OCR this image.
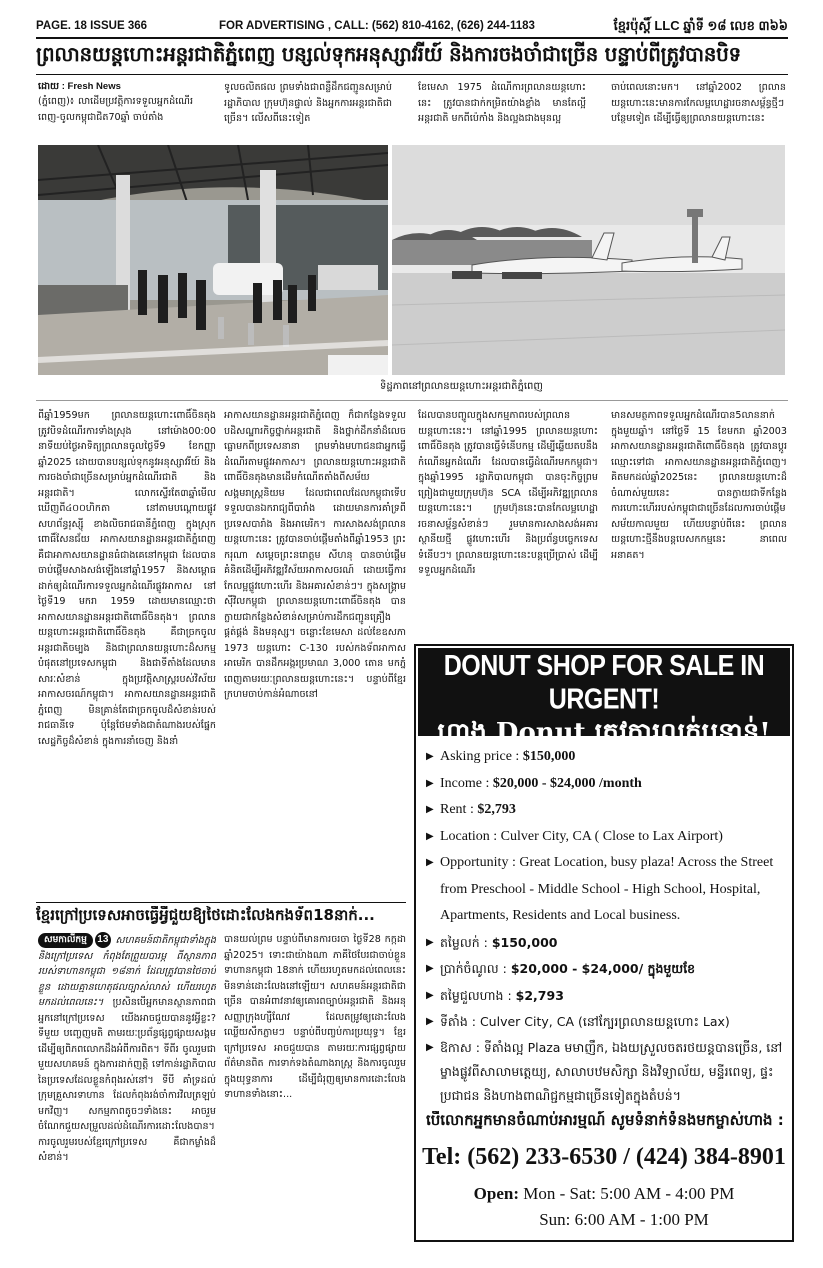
PAGE. 18 ISSUE 366	FOR ADVERTISING , CALL: (562) 810-4162, (626) 244-1183	ខ្មែរប៉ុស្ដិ៍ LLC ឆ្នាំទី ១៨ លេខ ៣៦៦
ព្រលានយន្តហោះអន្តរជាតិភ្នំពេញ បន្សល់ទុកអនុស្សាវរីយ៍ និងការចងចាំជាច្រើន បន្ទាប់ពីត្រូវបានបិទ
ដោយ : Fresh News
(ភ្នំពេញ)៖ លាដើមប្រវត្តិការទទួលអ្នកដំណើរពេញ-ចូលកម្ពុជាជិត70ឆ្នាំ ចាប់តាំង
ទូលចលិតផល ព្រមទាំងជាពន្លឺដឹកជញ្ជូនសម្រាប់រដ្ឋាភិបាល ក្រុមហ៊ុនផ្ទាល់ និងអ្នកការអន្តរជាតិជាច្រើន។ លើសពីនេះទៀត
ខែមេសា 1975 ដំណើការព្រលានយន្តហោះនេះ ត្រូវបានជាក់កម្រិតយ៉ាងខ្លាំង មានតែល្អីអន្តរជាតិ មកពីប៉េកាំង និងល្អងជាងមុនល្អ
ចាប់ពេលនោះមក។ នៅឆ្នាំ2002 ព្រលានយន្តហោះនេះមានការកែលម្អហេដ្ឋារចនាសម្ព័ន្ធថ្មីៗបន្ថែមទៀត ដើម្បីធ្វើឲ្យព្រលានយន្តហោះនេះ
ទិដ្ឋភាពនៅព្រលានយន្តហោះអន្តរជាតិភ្នំពេញ
ពីឆ្នាំ1959មក ព្រលានយន្តហោះពោធិ៍ចិនតុងត្រូវបិទដំណើរការទាំងស្រុង នៅម៉ោង00:00 នាទីយប់ថ្ងៃអាទិត្យព្រលានចូលថ្ងៃទី9 ខែកញ្ញា ឆ្នាំ2025 ដោយបានបន្សល់ទុកនូវអនុស្សាវរីយ៍ និងការចងចាំជាច្រើនសម្រាប់អ្នកដំណើរជាតិ និងអន្តរជាតិ។ លោកស្ទើរតែ៣ឆ្នាំមើលឃើញពី៤០០ហិកតា នៅតាមបណ្ដោយផ្លូវសហព័ន្ធរុស្ស៊ី ខាងលិចរាជធានីភ្នំពេញ ក្នុងស្រុកពោធិ៍សែនជ័យ អាកាសយានដ្ឋានអន្តរជាតិភ្នំពេញ គឺជាអាកាសយានដ្ឋានធំជាងគេនៅកម្ពុជា ដែលបានចាប់ផ្ដើមសាងសង់ឡើងនៅឆ្នាំ1957 និងសម្ពោធដាក់ឲ្យដំណើរការទទួលអ្នកដំណើរផ្លូវអាកាស នៅថ្ងៃទី19 មករា 1959 ដោយមានឈ្មោះថា អាកាសយានដ្ឋានអន្តរជាតិពោធិ៍ចិនតុង។ ព្រលានយន្តហោះអន្តរជាតិពោធិ៍ចិនតុង គឺជាច្រកចូលអន្តរជាតិចម្បង និងជាព្រលានយន្តហោះដ៏សកម្មបំផុតនៅប្រទេសកម្ពុជា និងជាទីតាំងដែលមានសារៈសំខាន់ ក្នុងប្រវត្តិសាស្ត្ររបស់វិស័យអាកាសចរណ៍កម្ពុជា។ អាកាសយានដ្ឋានអន្តរជាតិភ្នំពេញ មិនគ្រាន់តែជាច្រកចូលដ៏សំខាន់របស់រាជធានីទេ ប៉ុន្តែថែមទាំងជាតំណាងរបស់ផ្នែកសេដ្ឋកិច្ចដ៏សំខាន់ ក្នុងការនាំចេញ និងនាំ
អាកាសយានដ្ឋានអន្តរជាតិភ្នំពេញ ក៏ជាកន្លែងទទួលបដិសណ្ឋារកិច្ចថ្នាក់អន្តរជាតិ និងថ្នាក់ដឹកនាំដ៏លេចធ្លោមកពីប្រទេសនានា ព្រមទាំងមហាជនជាអ្នកធ្វើដំណើរតាមផ្លូវអាកាស។ ព្រលានយន្តហោះអន្តរជាតិពោធិ៍ចិនតុងមានដើមកំណើតតាំងពីសម័យសង្គមរាស្ត្រនិយម ដែលជាពេលដែលកម្ពុជាទើបទទួលបានឯករាជ្យពីបារាំង ដោយមានការគាំទ្រពីប្រទេសបារាំង និងអាមេរិក។ ការសាងសង់ព្រលានយន្តហោះនេះ ត្រូវបានចាប់ផ្ដើមតាំងពីឆ្នាំ1953 ព្រះករុណា សម្ដេចព្រះនរោត្តម សីហនុ បានចាប់ផ្ដើមគំនិតដើម្បីអភិវឌ្ឍវិស័យអាកាសចរណ៍ ដោយធ្វើការកែលម្អផ្លូវហោះហើរ និងអគារសំខាន់ៗ។ ក្នុងសង្គ្រាមស៊ីវិលកម្ពុជា ព្រលានយន្តហោះពោធិ៍ចិនតុង បានក្លាយជាកន្លែងសំខាន់សម្រាប់ការដឹកជញ្ជូនគ្រឿងផ្គត់ផ្គង់ និងមនុស្ស។ ចន្លោះខែមេសា ដល់ខែឧសភា 1973 យន្តហោះ C-130 របស់កងទ័ពអាកាសអាមេរិក បានដឹកអង្ករប្រមាណ 3,000 តោន មកភ្នំពេញតាមរយៈព្រលានយន្តហោះនេះ។ បន្ទាប់ពីខ្មែរក្រហមចាប់កាន់អំណាចនៅ
ដែលបានបញ្ចូលក្នុងសកម្មភាពរបស់ព្រលានយន្តហោះនេះ។ នៅឆ្នាំ1995 ព្រលានយន្តហោះពោធិ៍ចិនតុង ត្រូវបានធ្វើទំនើបកម្ម ដើម្បីឆ្លើយតបនឹងកំណើនអ្នកដំណើរ ដែលបានធ្វើដំណើរមកកម្ពុជា។ ក្នុងឆ្នាំ1995 រដ្ឋាភិបាលកម្ពុជា បានចុះកិច្ចព្រមព្រៀងជាមួយក្រុមហ៊ុន SCA ដើម្បីអភិវឌ្ឍព្រលានយន្តហោះនេះ។ ក្រុមហ៊ុននេះបានកែលម្អហេដ្ឋារចនាសម្ព័ន្ធសំខាន់ៗ រួមមានការសាងសង់អគារស្ថានីយថ្មី ផ្លូវហោះហើរ និងប្រព័ន្ធបច្ចេកទេសទំនើបៗ។ ព្រលានយន្តហោះនេះបន្តប្រើប្រាស់ ដើម្បីទទួលអ្នកដំណើរ
មានសមត្ថភាពទទួលអ្នកដំណើរបាន5លាននាក់ក្នុងមួយឆ្នាំ។ នៅថ្ងៃទី 15 ខែមករា ឆ្នាំ2003 អាកាសយានដ្ឋានអន្តរជាតិពោធិ៍ចិនតុង ត្រូវបានប្ដូរឈ្មោះទៅជា អាកាសយានដ្ឋានអន្តរជាតិភ្នំពេញ។ គិតមកដល់ឆ្នាំ2025នេះ ព្រលានយន្តហោះដ៏ចំណាស់មួយនេះ បានក្លាយជាទីកន្លែងការហោះហើររបស់កម្ពុជាជាច្រើនដែលការចាប់ផ្ដើមសម័យកាលមួយ ហើយបន្ទាប់ពីនេះ ព្រលានយន្តហោះថ្មីនឹងបន្តបេសកកម្មនេះ នាពេលអនាគត។
ខ្មែរក្រៅប្រទេសអាចធ្វើអ្វីជួយឱ្យថៃដោះលែងកងទ័ព18នាក់...
សមកាលីកម្ម 13 សហគមន៍ជាតិកម្ពុជាទាំងក្នុង និងក្រៅប្រទេស កំពុងតែព្រួយបារម្ភ ពីស្ថានភាពរបស់ទាហានកម្ពុជា ១៨នាក់ ដែលត្រូវបានថៃចាប់ខ្លួន ដោយគ្មានហេតុផលច្បាស់លាស់ ហើយរហូតមកដល់ពេលនេះ។ ប្រសិនបើអ្នកមានស្ថានភាពជាអ្នកនៅក្រៅប្រទេស យើងអាចជួយបាននូវអ្វីខ្លះ? ទីមួយ បញ្ចេញមតិ តាមរយៈប្រព័ន្ធផ្សព្វផ្សាយសង្គម ដើម្បីឲ្យពិភពលោកដឹងអំពីការពិត។ ទីពីរ ចូលរួមជាមួយសហគមន៍ ក្នុងការដាក់ញត្តិ ទៅកាន់រដ្ឋាភិបាលនៃប្រទេសដែលខ្លួនកំពុងរស់នៅ។ ទីបី គាំទ្រដល់ក្រុមគ្រួសារទាហាន ដែលកំពុងរង់ចាំការវិលត្រឡប់មកវិញ។ សកម្មភាពតូចៗទាំងនេះ អាចរួមចំណែកជួយសម្រួលដល់ដំណើរការដោះលែងបាន។ ការចូលរួមរបស់ខ្មែរក្រៅប្រទេស គឺជាកម្លាំងដ៏សំខាន់។
បានយល់ព្រម បន្ទាប់ពីមានការចរចា ថ្ងៃទី28 កក្កដា ឆ្នាំ2025។ ទោះជាយ៉ាងណា ភាគីថៃបែរជាចាប់ខ្លួនទាហានកម្ពុជា 18នាក់ ហើយរហូតមកដល់ពេលនេះ មិនទាន់ដោះលែងនៅឡើយ។ សហគមន៍អន្តរជាតិជាច្រើន បានអំពាវនាវឲ្យគោរពច្បាប់អន្តរជាតិ និងអនុសញ្ញាក្រុងហ្សឺណែវ ដែលតម្រូវឲ្យដោះលែងឈ្លើយសឹកភ្លាមៗ បន្ទាប់ពីបញ្ចប់ការប្រយុទ្ធ។ ខ្មែរក្រៅប្រទេស អាចជួយបាន តាមរយៈការផ្សព្វផ្សាយព័ត៌មានពិត ការទាក់ទងតំណាងរាស្ត្រ និងការចូលរួមក្នុងយុទ្ធនាការ ដើម្បីជំរុញឲ្យមានការដោះលែងទាហានទាំងនោះ...
DONUT SHOP FOR SALE IN URGENT!
ហាង Donut ត្រូវការលក់បន្ទាន់!
▶ Asking price : $150,000
▶ Income : $20,000 - $24,000 /month
▶ Rent : $2,793
▶ Location : Culver City, CA ( Close to Lax Airport)
▶ Opportunity : Great Location, busy plaza! Across the Street from Preschool - Middle School - High School, Hospital, Apartments, Residents and Local business.
▶ តម្លៃលក់ : $150,000
▶ ប្រាក់ចំណូល : $20,000 - $24,000/ ក្នុងមួយខែ
▶ តម្លៃជួលហាង : $2,793
▶ ទីតាំង : Culver City, CA (នៅក្បែរព្រលានយន្តហោះ Lax)
▶ ឱកាស : ទីតាំងល្អ Plaza មមាញឹក, ឯងយស្រួលចតរថយន្តបានច្រើន, នៅម្ខាងផ្លូវពីសាលាមត្តេយ្យ, សាលាបឋមសិក្សា និងវិទ្យាល័យ, មន្ទីរពេទ្យ, ផ្ទះប្រជាជន និងហាងពាណិជ្ជកម្មជាច្រើនទៀតក្នុងតំបន់។
បើលោកអ្នកមានចំណាប់អារម្មណ៍ សូមទំនាក់ទំនងមកម្ចាស់ហាង :
Tel: (562) 233-6530 / (424) 384-8901
Open: Mon - Sat: 5:00 AM - 4:00 PM
Sun: 6:00 AM - 1:00 PM
